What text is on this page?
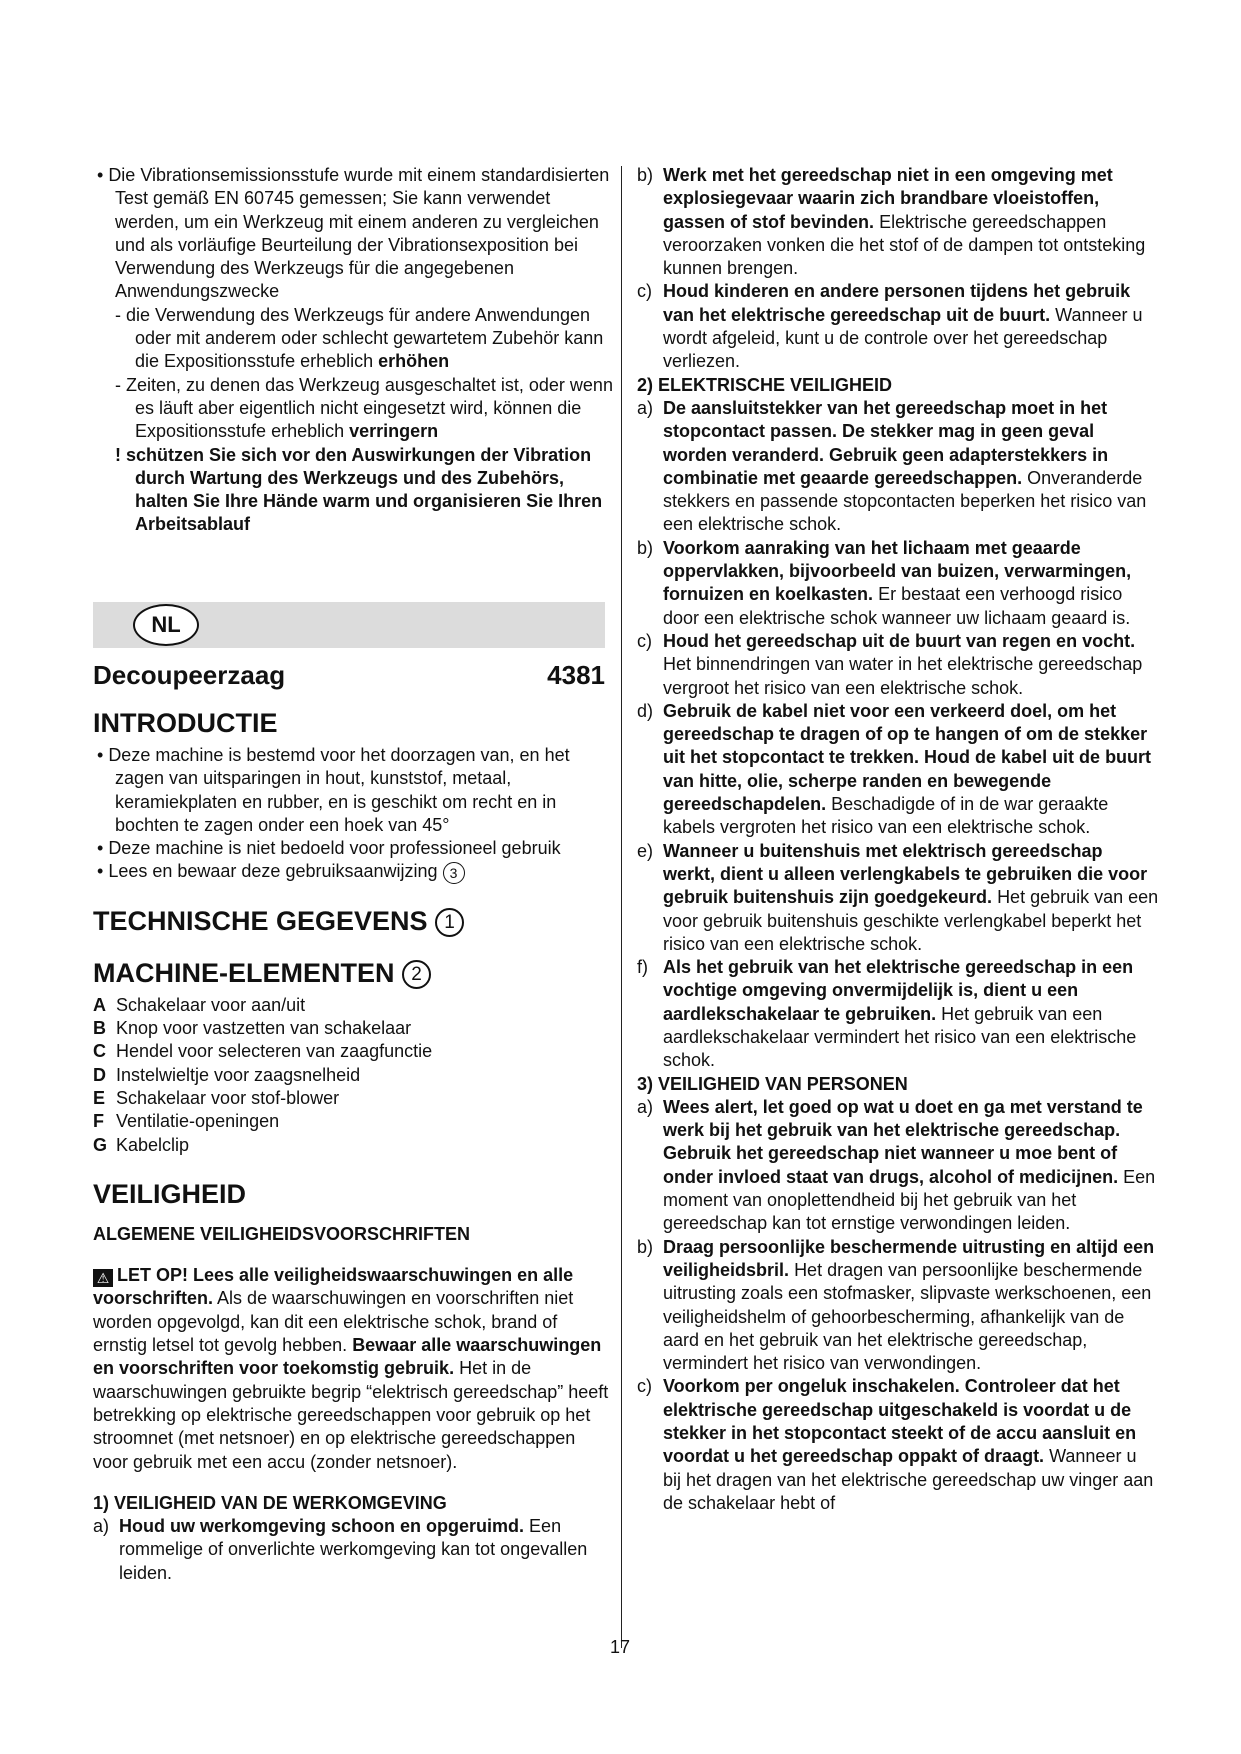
• Die Vibrationsemissionsstufe wurde mit einem standardisierten Test gemäß EN 60745 gemessen; Sie kann verwendet werden, um ein Werkzeug mit einem anderen zu vergleichen und als vorläufige Beurteilung der Vibrationsexposition bei Verwendung des Werkzeugs für die angegebenen Anwendungszwecke

- die Verwendung des Werkzeugs für andere Anwendungen oder mit anderem oder schlecht gewartetem Zubehör kann die Expositionsstufe erheblich erhöhen

- Zeiten, zu denen das Werkzeug ausgeschaltet ist, oder wenn es läuft aber eigentlich nicht eingesetzt wird, können die Expositionsstufe erheblich verringern

! schützen Sie sich vor den Auswirkungen der Vibration durch Wartung des Werkzeugs und des Zubehörs, halten Sie Ihre Hände warm und organisieren Sie Ihren Arbeitsablauf

NL
Decoupeerzaag	4381
INTRODUCTIE

• Deze machine is bestemd voor het doorzagen van, en het zagen van uitsparingen in hout, kunststof, metaal, keramiekplaten en rubber, en is geschikt om recht en in bochten te zagen onder een hoek van 45°

• Deze machine is niet bedoeld voor professioneel gebruik

• Lees en bewaar deze gebruiksaanwijzing 3

TECHNISCHE GEGEVENS 1
MACHINE-ELEMENTEN 2

A Schakelaar voor aan/uit

B Knop voor vastzetten van schakelaar

C Hendel voor selecteren van zaagfunctie

D Instelwieltje voor zaagsnelheid

E Schakelaar voor stof-blower

F Ventilatie-openingen

G Kabelclip

VEILIGHEID
ALGEMENE VEILIGHEIDSVOORSCHRIFTEN

⚠ LET OP! Lees alle veiligheidswaarschuwingen en alle voorschriften. Als de waarschuwingen en voorschriften niet worden opgevolgd, kan dit een elektrische schok, brand of ernstig letsel tot gevolg hebben. Bewaar alle waarschuwingen en voorschriften voor toekomstig gebruik. Het in de waarschuwingen gebruikte begrip “elektrisch gereedschap” heeft betrekking op elektrische gereedschappen voor gebruik op het stroomnet (met netsnoer) en op elektrische gereedschappen voor gebruik met een accu (zonder netsnoer).

1) VEILIGHEID VAN DE WERKOMGEVING

a) Houd uw werkomgeving schoon en opgeruimd. Een rommelige of onverlichte werkomgeving kan tot ongevallen leiden.

b) Werk met het gereedschap niet in een omgeving met explosiegevaar waarin zich brandbare vloeistoffen, gassen of stof bevinden. Elektrische gereedschappen veroorzaken vonken die het stof of de dampen tot ontsteking kunnen brengen.

c) Houd kinderen en andere personen tijdens het gebruik van het elektrische gereedschap uit de buurt. Wanneer u wordt afgeleid, kunt u de controle over het gereedschap verliezen.

2) ELEKTRISCHE VEILIGHEID

a) De aansluitstekker van het gereedschap moet in het stopcontact passen. De stekker mag in geen geval worden veranderd. Gebruik geen adapterstekkers in combinatie met geaarde gereedschappen. Onveranderde stekkers en passende stopcontacten beperken het risico van een elektrische schok.

b) Voorkom aanraking van het lichaam met geaarde oppervlakken, bijvoorbeeld van buizen, verwarmingen, fornuizen en koelkasten. Er bestaat een verhoogd risico door een elektrische schok wanneer uw lichaam geaard is.

c) Houd het gereedschap uit de buurt van regen en vocht. Het binnendringen van water in het elektrische gereedschap vergroot het risico van een elektrische schok.

d) Gebruik de kabel niet voor een verkeerd doel, om het gereedschap te dragen of op te hangen of om de stekker uit het stopcontact te trekken. Houd de kabel uit de buurt van hitte, olie, scherpe randen en bewegende gereedschapdelen. Beschadigde of in de war geraakte kabels vergroten het risico van een elektrische schok.

e) Wanneer u buitenshuis met elektrisch gereedschap werkt, dient u alleen verlengkabels te gebruiken die voor gebruik buitenshuis zijn goedgekeurd. Het gebruik van een voor gebruik buitenshuis geschikte verlengkabel beperkt het risico van een elektrische schok.

f) Als het gebruik van het elektrische gereedschap in een vochtige omgeving onvermijdelijk is, dient u een aardlekschakelaar te gebruiken. Het gebruik van een aardlekschakelaar vermindert het risico van een elektrische schok.

3) VEILIGHEID VAN PERSONEN

a) Wees alert, let goed op wat u doet en ga met verstand te werk bij het gebruik van het elektrische gereedschap. Gebruik het gereedschap niet wanneer u moe bent of onder invloed staat van drugs, alcohol of medicijnen. Een moment van onoplettendheid bij het gebruik van het gereedschap kan tot ernstige verwondingen leiden.

b) Draag persoonlijke beschermende uitrusting en altijd een veiligheidsbril. Het dragen van persoonlijke beschermende uitrusting zoals een stofmasker, slipvaste werkschoenen, een veiligheidshelm of gehoorbescherming, afhankelijk van de aard en het gebruik van het elektrische gereedschap, vermindert het risico van verwondingen.

c) Voorkom per ongeluk inschakelen. Controleer dat het elektrische gereedschap uitgeschakeld is voordat u de stekker in het stopcontact steekt of de accu aansluit en voordat u het gereedschap oppakt of draagt. Wanneer u bij het dragen van het elektrische gereedschap uw vinger aan de schakelaar hebt of

17
